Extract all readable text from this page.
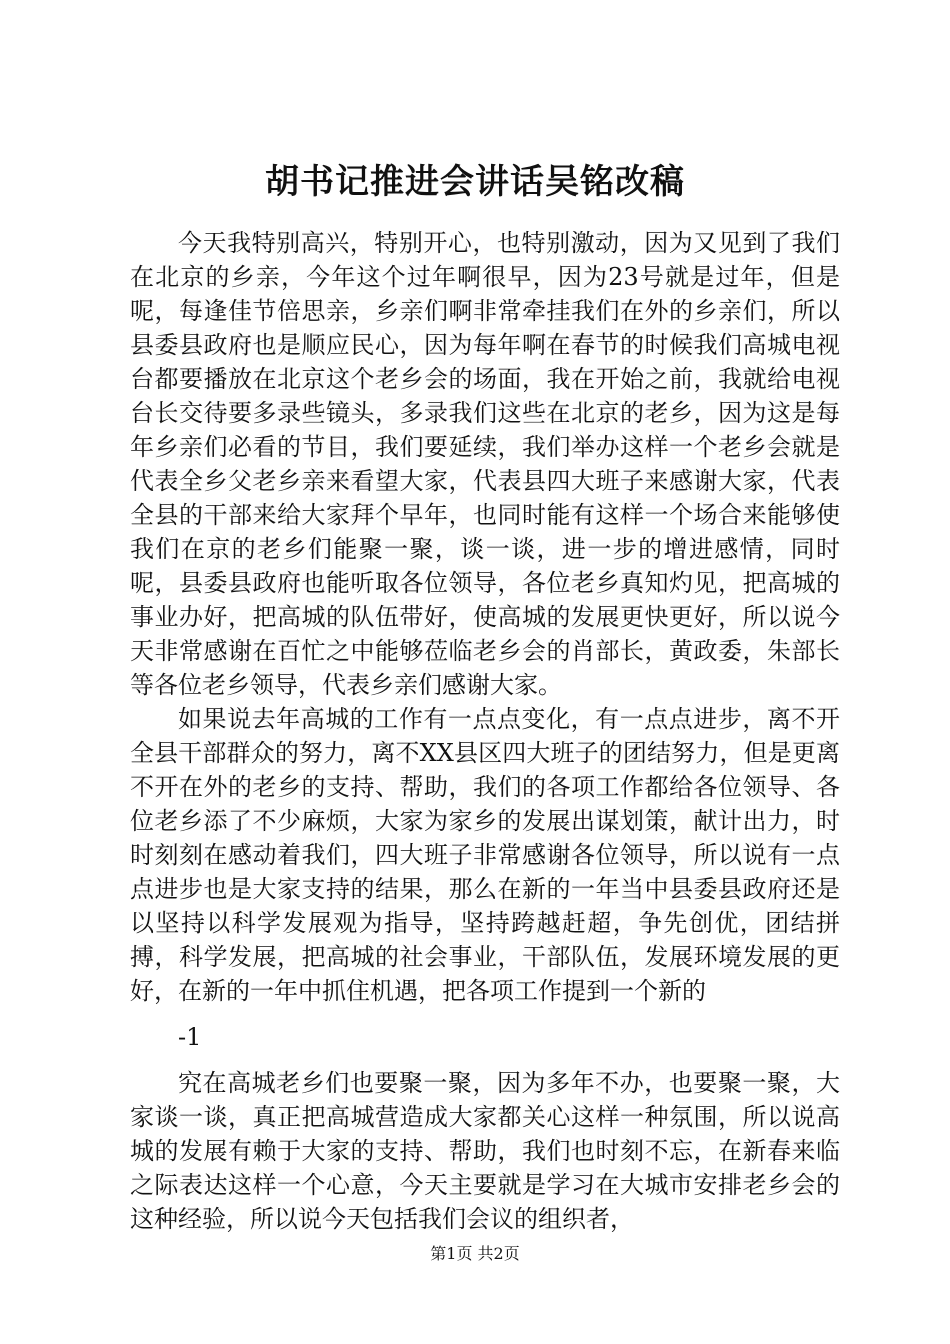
胡书记推进会讲话吴铭改稿

今天我特别高兴，特别开心，也特别激动，因为又见到了我们在北京的乡亲，今年这个过年啊很早，因为23号就是过年，但是呢，每逢佳节倍思亲，乡亲们啊非常牵挂我们在外的乡亲们，所以县委县政府也是顺应民心，因为每年啊在春节的时候我们高城电视台都要播放在北京这个老乡会的场面，我在开始之前，我就给电视台长交待要多录些镜头，多录我们这些在北京的老乡，因为这是每年乡亲们必看的节目，我们要延续，我们举办这样一个老乡会就是代表全乡父老乡亲来看望大家，代表县四大班子来感谢大家，代表全县的干部来给大家拜个早年，也同时能有这样一个场合来能够使我们在京的老乡们能聚一聚，谈一谈，进一步的增进感情，同时呢，县委县政府也能听取各位领导，各位老乡真知灼见，把高城的事业办好，把高城的队伍带好，使高城的发展更快更好，所以说今天非常感谢在百忙之中能够莅临老乡会的肖部长，黄政委，朱部长等各位老乡领导，代表乡亲们感谢大家。

如果说去年高城的工作有一点点变化，有一点点进步，离不开全县干部群众的努力，离不XX县区四大班子的团结努力，但是更离不开在外的老乡的支持、帮助，我们的各项工作都给各位领导、各位老乡添了不少麻烦，大家为家乡的发展出谋划策，献计出力，时时刻刻在感动着我们，四大班子非常感谢各位领导，所以说有一点点进步也是大家支持的结果，那么在新的一年当中县委县政府还是以坚持以科学发展观为指导，坚持跨越赶超，争先创优，团结拼搏，科学发展，把高城的社会事业，干部队伍，发展环境发展的更好，在新的一年中抓住机遇，把各项工作提到一个新的

-1

究在高城老乡们也要聚一聚，因为多年不办，也要聚一聚，大家谈一谈，真正把高城营造成大家都关心这样一种氛围，所以说高城的发展有赖于大家的支持、帮助，我们也时刻不忘，在新春来临之际表达这样一个心意，今天主要就是学习在大城市安排老乡会的这种经验，所以说今天包括我们会议的组织者，

第1页 共2页
